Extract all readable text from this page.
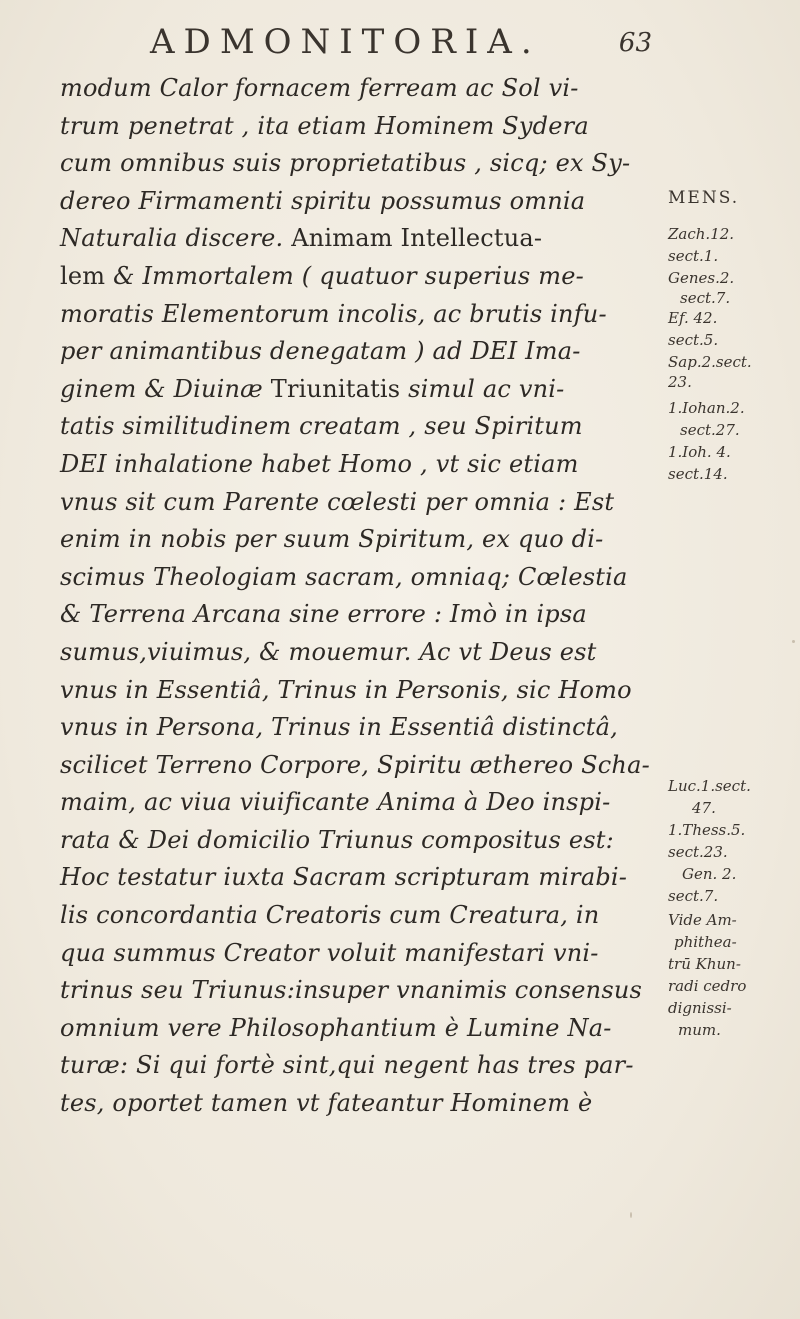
ADMONITORIA.	63
modum Calor fornacem ferream ac Sol vi-
trum penetrat , ita etiam Hominem Sydera
cum omnibus suis proprietatibus , sicq; ex Sy-
dereo Firmamenti spiritu possumus omnia
Naturalia discere. Animam Intellectua-
lem & Immortalem ( quatuor superius me-
moratis Elementorum incolis, ac brutis infu-
per animantibus denegatam ) ad DEI Ima-
ginem & Diuinæ Triunitatis simul ac vni-
tatis similitudinem creatam , seu Spiritum
DEI inhalatione habet Homo , vt sic etiam
vnus sit cum Parente cœlesti per omnia : Est
enim in nobis per suum Spiritum, ex quo di-
scimus Theologiam sacram, omniaq; Cœlestia
& Terrena Arcana sine errore : Imò in ipsa
sumus,viuimus, & mouemur. Ac vt Deus est
vnus in Essentiâ, Trinus in Personis, sic Homo
vnus in Persona, Trinus in Essentiâ distinctâ,
scilicet Terreno Corpore, Spiritu æthereo Scha-
maim, ac viua viuificante Anima à Deo inspi-
rata & Dei domicilio Triunus compositus est:
Hoc testatur iuxta Sacram scripturam mirabi-
lis concordantia Creatoris cum Creatura, in
qua summus Creator voluit manifestari vni-
trinus seu Triunus:insuper vnanimis consensus
omnium vere Philosophantium è Lumine Na-
turæ: Si qui fortè sint,qui negent has tres par-
tes, oportet tamen vt fateantur Hominem è
MENS.
Zach.12.
sect.1.
Genes.2.
sect.7.
Ef. 42.
sect.5.
Sap.2.sect.
23.
1.Iohan.2.
sect.27.
1.Ioh. 4.
sect.14.
Luc.1.sect.
47.
1.Thess.5.
sect.23.
Gen. 2.
sect.7.
Vide Am-
phithea-
trū Khun-
radi cedro
dignissi-
mum.
